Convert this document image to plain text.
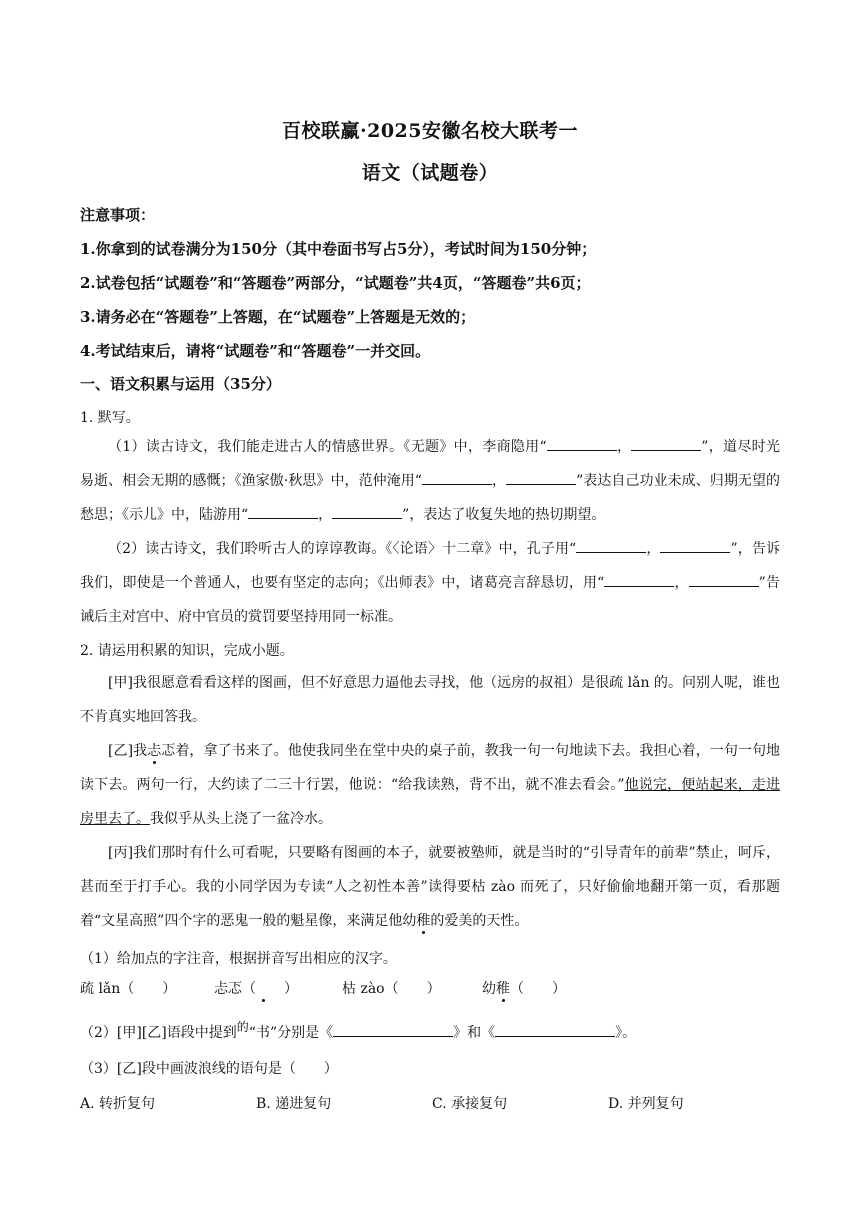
百校联赢·2025安徽名校大联考一
语文（试题卷）
注意事项：
1.你拿到的试卷满分为150分（其中卷面书写占5分），考试时间为150分钟；
2.试卷包括“试题卷”和“答题卷”两部分，“试题卷”共4页，“答题卷”共6页；
3.请务必在“答题卷”上答题，在“试题卷”上答题是无效的；
4.考试结束后，请将“试题卷”和“答题卷”一并交回。
一、语文积累与运用（35分）
1. 默写。
（1）读古诗文，我们能走进古人的情感世界。《无题》中，李商隐用“	，	”，道尽时光易逝、相会无期的感慨；《渔家傲·秋思》中，范仲淹用“	，	”表达自己功业未成、归期无望的愁思；《示儿》中，陆游用“	，	”，表达了收复失地的热切期望。
（2）读古诗文，我们聆听古人的谆谆教诲。《〈论语〉十二章》中，孔子用“	，	”，告诉我们，即使是一个普通人，也要有坚定的志向；《出师表》中，诸葛亮言辞恳切，用“	，	”告诫后主对宫中、府中官员的赏罚要坚持用同一标准。
2. 请运用积累的知识，完成小题。
[甲]我很愿意看看这样的图画，但不好意思力逼他去寻找，他（远房的叔祖）是很疏 lǎn 的。问别人呢，谁也不肯真实地回答我。
[乙]我忐忑着，拿了书来了。他使我同坐在堂中央的桌子前，教我一句一句地读下去。我担心着，一句一句地读下去。两句一行，大约读了二三十行罢，他说：“给我读熟，背不出，就不准去看会。”他说完，便站起来，走进房里去了。我似乎从头上浇了一盆冷水。
[丙]我们那时有什么可看呢，只要略有图画的本子，就要被塾师，就是当时的“引导青年的前辈”禁止，呵斥，甚而至于打手心。我的小同学因为专读“人之初性本善”读得要枯 zào 而死了，只好偷偷地翻开第一页，看那题着“文星高照”四个字的恶鬼一般的魁星像，来满足他幼稚的爱美的天性。
（1）给加点的字注音，根据拼音写出相应的汉字。
疏 lǎn（　　）	忐忑（　　）	枯 zào（　　）	幼稚（　　）
（2）[甲][乙]语段中提到的“书”分别是《	》和《	》。
（3）[乙]段中画波浪线的语句是（　　）
A. 转折复句	B. 递进复句	C. 承接复句	D. 并列复句
